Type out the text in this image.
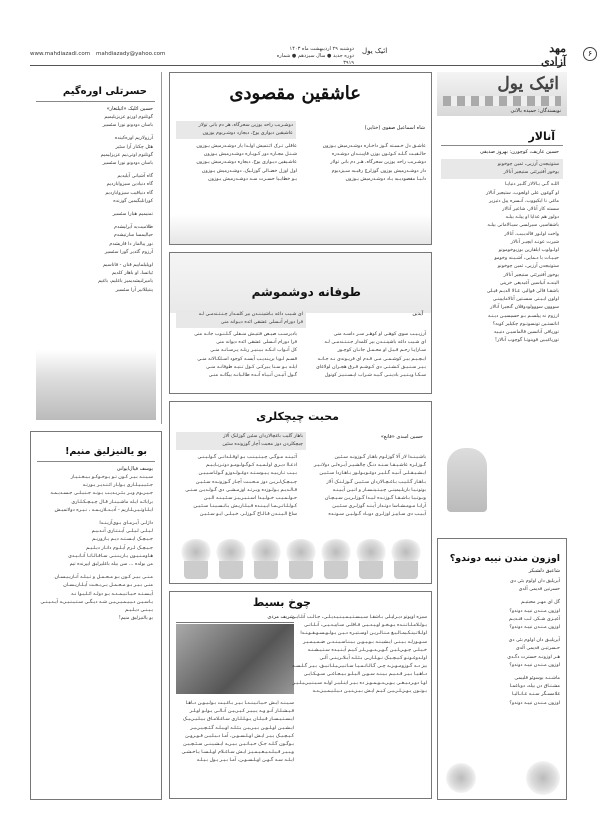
www.mahdiazadi.com mahdiazady@yahoo.com
دوشنبه ۲۹ اردیبهشت ماه ۱۴۰۳
دوره جدید ● سال سیزدهم ● شماره ۳۹۱۹
ائیک یول	مهد آزادی
۶
ائیک یول
نویسندگان: حمیده بالانی
آنالار
حسین عاریف، کوچورن: بهروز صدیقی
ستوتیجدن آرزیی، ثمین چوخونو
یوخور آفتیرئتی ستیجیر آنالار
اللـه گـی بـالالار گلـیر دنیایـا
او گوغون علی اولجوب، ستیجیر آنالار
ماغی نا ایکیووب، آنـسره پیل دتیزیر
سسته کار آنالار، شاعیر آنالار
دولور هم غذایا او پیلـه بیلـه
باشقاسیر، سیرلسی سیـالاماتی بیلـه
واخت اولـور قالدیـیب، آنالار
شیرت عونـد ایچیـر آنالار
اولـولوب ایلقارین بوزیوخومونو
حیـیـات با دـمایی، آشـیـنه وخومو
ستوتیجدن آرزیی، ثمین چوخونو
یوخور آفتیرئتی ستیجیر آنالار
الیندـه آنیاسین آغیدیغی خرپنی
باشقـا قالی قوالیر، غـالا الدیـم قیـلی
اولون ایـیـتی سسـتین آتالاماییینـی
سووون سووولودوقلان گنجیرا آنالار
اززوم نه پیلسـم بـو حسیسیـن دیـنـه
اناتستـین تونسوتـوم چکیلیر کوبه؟
تورپاقی آناتسین قالماسیـن دنیـیه
تورپاغیـین قوینوتـا گوچوب آنالار!
اوزون مندن نییه دوندو؟
شاعیق دلشبکر
آیریلیق دان اولوم بئی دی
حسرتین قدیمی آلدی
گل ای مهـر محبتیـم
اوزون مـنـدن نییـه دوندو؟
آغیـزی شـکر، لـب قنـدیـم
اوزون مـنـدن نییـه دوندو؟
آیریلیـق دان اولوم بئی دی
حـسرتیـن قدیمی آلدی
هـر اوزونـه حسترت دگـدی
اوزون مـنـدن نییـه دوندو؟
ماشـنـه بوسوئو قلبیمی
مشـتـاق دن بیله، دوباغمـا
غلامسـگر سـنـه غـانـالیـا
اوزون مـنـدن نییـه دوندو؟
عاشقین مقصودی
شاه اسماعیل صفوی (ختایی)
دوشـربب راحد یوزین سحرگاه، هر دم بانی تولار
عاشیقین دیواری یوخ، دیجارد دوشـربوم یوزون
عاشـق دل خـسـته گـوز داخـاره دوشـدرمیش یـوزون
حالـقبـت گـلـه کـوئـون یوزن قاپیـنـدان دوشـدره
دوشـربب راحد یوزین سحرگاه، هـر دم بانی تولار
دار دوشـدرمیش یوزون گوزلرچ رقیـبه سـیزدیوم
دلـبـا مقصودیـبه یـاد دوشـدرمیش یـوزون
عاقلی تـرک ائـتمیش اولـدا یار دوشـدرمیش یـوزون
شـنـل مجـاره دور کـوپـاره دوشـدرمیش یـوزون
عاشـیقین دیـواری یوخ، دیجاره دوشـدرمیش یـوزون
اول اوزل خضـالی گوزلـیک، دوشـدرمیش یـوزون
یـو خطایـیا حسـرت سـه دوشـدرمیش یـوزون
طوفانه دوشموشم
آیدین
ای شـبب داغه بـاشینـنـدن بیر کلمـدار چـنـتـندمـی لـه
فرا دورام آنـسلی عشقی ائده دیـوانه منی
آرزیـیـب سوی کوهـی او کوهـر سـر داسـه منی
ای شـیب داغه باشینـنـدن بیر کلمدار جـنـتـندمـی لـه
سـاراپـا رحـم قـیـل او محـمـل جانـان کوچـور
ایـچـیـم بیـر کوشـمـی مـی قـدم ای فریـوندی نـه جـانـه
بـیـر سـنـیـق کـشـتـی دی کـوشـم قـرق هجـران لولاغای
سـکـا ویـتـیـر بادیـنـی گـیـه شـراب ایـسـنـیـز کونول
بادیرسـب صیـص فتنیـش منـفلی گـلـنـوب جانـه منی
فرا دورام آنـسلی عشقی ائده دیوانه منی
کل آنـواب انـکـه بـیـنیـر ربلـه پـرسـانـه منـی
قسـم لـوبا بریـندیـب آیسـه کوجود اسـلکـالانه منـی
ایلـه بـو سـنا یـیرکـی کـول تـنیـه طوفانـه منـی
گـول آتیـدن آنـیـاه آنـده طالـبانـه بیگانـه منـی
محبت چیچکلری
حسین اسدی «قانع»
باهار گلیب باغچالاردان سئین گوزلنک آلاز
چیچکلردن دوز محبت آچار گوزونده سئین
باشـیـنـدا لار آلا گوزلـوم باهـار گـوزونـه سـئـین
گـوزلـره عاشـیـقـا سـنـه دنـگ چالشـیـر آیـره‌لـی دولانـیـر
ایـشـیـقـلـی آنـیـه گـلـیـر دوغـوبـولـور بـاهـاردا سـئـیـن
بـاهـار گـلـیـب بـاغـچـالاردان سـئـیـن گـوزلـنـک آلاز
بوتونـیـا باریلـیمینـی چـیـتـینـسـار و اتـیـن آیـیـنـه
وبـوتـیـا بـاشـقـا گـوزنـده لـیـدا گـوزلـریـن سـیـچـان
آرابـا مـومـشـاسا دوتـدار آیـنـد گوزلـری سـئـیـن
آیـیـب دی سـاییـز اوزلـری دوبـاد گـولـیـن سـونـده
آئـیـنـد مـوگـی چـیـتـیـنـب بـو اوقـلـدانـی گـولـیـنـی
اذعـاا دیـری اولـمـیـه کـوگـولـومـو دوتـریـایـیـم
بـیـب تـاریـیـه پـیـوسـتـه دوغـولـدوزو گـولـاسـیـیـن
چـیـچـک‌لـریـن دوز مـحـبـت آچـار گـوزونـده سـئـیـن
قـالـدیـم یـولـوزده ویـرتـد اوزمـشـی دی گـولـدیـن سـنـی
حـولـمـیـب خـولـیـدا اسـتـیـرـیـز سـئـیـنـه الـیـن
کـولـلـاتـرـمـا ایـیـنـده قـیـلـاریـش بـاتـسـیـنـا سـئـیـن
ساغ الـیـنـدن قـالـاخ گـوزلـر، خـیـلـی ایـو سـئـیـن
چوخ بسیط
شریف مردی
سیزه اوپوتو دیـرلیـلی بـاشقـا سـیـسـتـیـمـیـنـیـدیـلـی، جـالـب آنلـایـی
یـولـلامـلـاتـنـده یـوـخـو اوـیـدـیـی قـافلـی سـاییـدـیـی، آنـلـاتـی
اولـلاتـینـکـیمـالـیـغ مـنـالـریـن اوسـتیـره دـیـن یـولـوـسـوـقـوـنـدا
سـوـورلـه بـیـنـی ایـشیـنـه بـوـیـوـن بـیـنـاسـیـنـدـن ضـمـیـمـیـر
خـیـلـی چـوـرـاـیـن گـوـرـدـوـرـلـر کـیـم آیـنـیـده سـتـیـشـنـه
اولـدوغـونـو کـیـچـیـک نـوـلـارـی بـئـلـه آیـلاـریـنـی آلـی
بیز دـه گـوزومـوـزـه چـی گـالـاتـمـیـا سـاتـیـرـیـلـاتـیـق، بـیـر گـلـسـه
دـاهـیـا بـیـر قـدـیـم بـیـنـه سـوـن الـیـلـو بـیـجـاغـی سـوـکـایـی
اوـا دوـردـیـغـی یـوـرـدـوـمـوـز ده بـیـر اینـلـیـر اولـه سـیـنـیـرـیـلـیـر
بـوتـون یـوـزـلـرـیـن کـیـم ایـش بـیـزـنـیـن دـیـلـیـمـیـزـدـه
سـیـنـه ایـش حـیـاتـیـنـدـا بـیـر بـاغـیـت بـولـیـوـن دـاهـا
قـیـشـلـار آنـو وـه یـیـیـر کـیـرـیـن آنـالـی یـولـو اوـلـر
ایـسـتـیـسـار قـیـلـان یـوـلـلـاری سـاغـلامـاق بـیـلـیـرـیـک
ایـشـیـن اوـلـوـن بـیـرـیـن بـئـلـه اوـیـلـه گـئـچـیـرـیـر
کـیـچـیـک بـیـر ایـش اوـلـسـوـن، آمـا دـیـلـیـن قـوـروـن
بـوگـون گـلـه جـک حـیـاتـیـن بـیـرـه ایـشـیـنـی سـئـچـیـن
وـبـیـر قـیـلـدـیـغـیـمـیـز ایـش سـاغـلام اوـلـسـا یـاخـشـی
ایـلـه سـه گـوـن اوـلـسـوـن، آمـا بـیـر یـول بـیـلـه
حسرتلی اوره‌گیم
حسین ائلیک «اثیلتغار»
گوتلنوم اورنو عزیزیلیمیم
باسان دودونو نورا سئسیر
آرزولاریم اوره‌کینده
هئل چکنار آرا سئیر
گوتلنوم اوتی‌نیم عزیزلیمیم
باسان دودونو نورا سئسیر
گاه آشیانی آیلیدیم
گاه دنیادین سیزواباردیم
گاه دنیاقیب سیزواباردیم
کورانلیگیمین گوزنده
تمنیمیم هبارا سئسیر
ظلامیت‌یه آیرلیشدم
حیالیمسا سارتیشدم
نور پیالمار دا قاریشدم
آرزوم گئدیر گورا سئسیر
اوپلیلماییم قنان - قاناسیم
ئیاتسا، او باهار کلدیم
یامیرلنیشدیمیز باغلیم، باغیم
پنتیللانیر آرا سئسیر
بو یالنیزلیق منیم!
یوسف فیال‌ایوانی
سـیـنـه بـیـر کـون تـو یـوخـوکـو بـیـخـتـیـار
جـئـیـیـپـلـاری یـولـار ائـتـدیـر یـورتـه
جـیـرـوم ویـر بـئـریـدیـب یـونـه جـنـیـلـی جـسـدیـمـه
برابائـه ایـله ماشـیـنـار قـال چـیـچـکـلـاری
ایـلـاوتـیـرـلـاریم - آدیـدـلاریـمـه ، نـیـره دولاتمیـش
داژلـی آیـرمـای بـوی‌آزیـنـدا
لـیـلـی لـیـلـی آیـنـتـاری آنـدـیـم
جـیـچـک ایـسـتـه دیـم یـازوریـم
جـیـچـک لـرم آیـلـوم داتـار دیـلـیـم
هـاومـنـیـون یـاریـنـنـی سـاقـالـاتـا آتـانـیـدی
من بولده ... سن بیله باغلیرلیق ایپرنده تیم
مـنـی بـیـر کـون بـو مـحـمـل و تـیـلـه آنـاریـیـسـان
منـی بـیـر بـو مـحـمـل بـی‌بـخـت آیـلـاریـسـان
آیـسـتـه حـیـاتـیـمـدـه بـو دولـه ائـلـیـوا نـه
یـاسـیـن دـیـیـمـیـرـیـن شـه دیـگـی سـتـیـنـیـرـه آیـدـیـنـی
یـیـنـی دیـلـیـم
بو یالنیزلیق منیم!
